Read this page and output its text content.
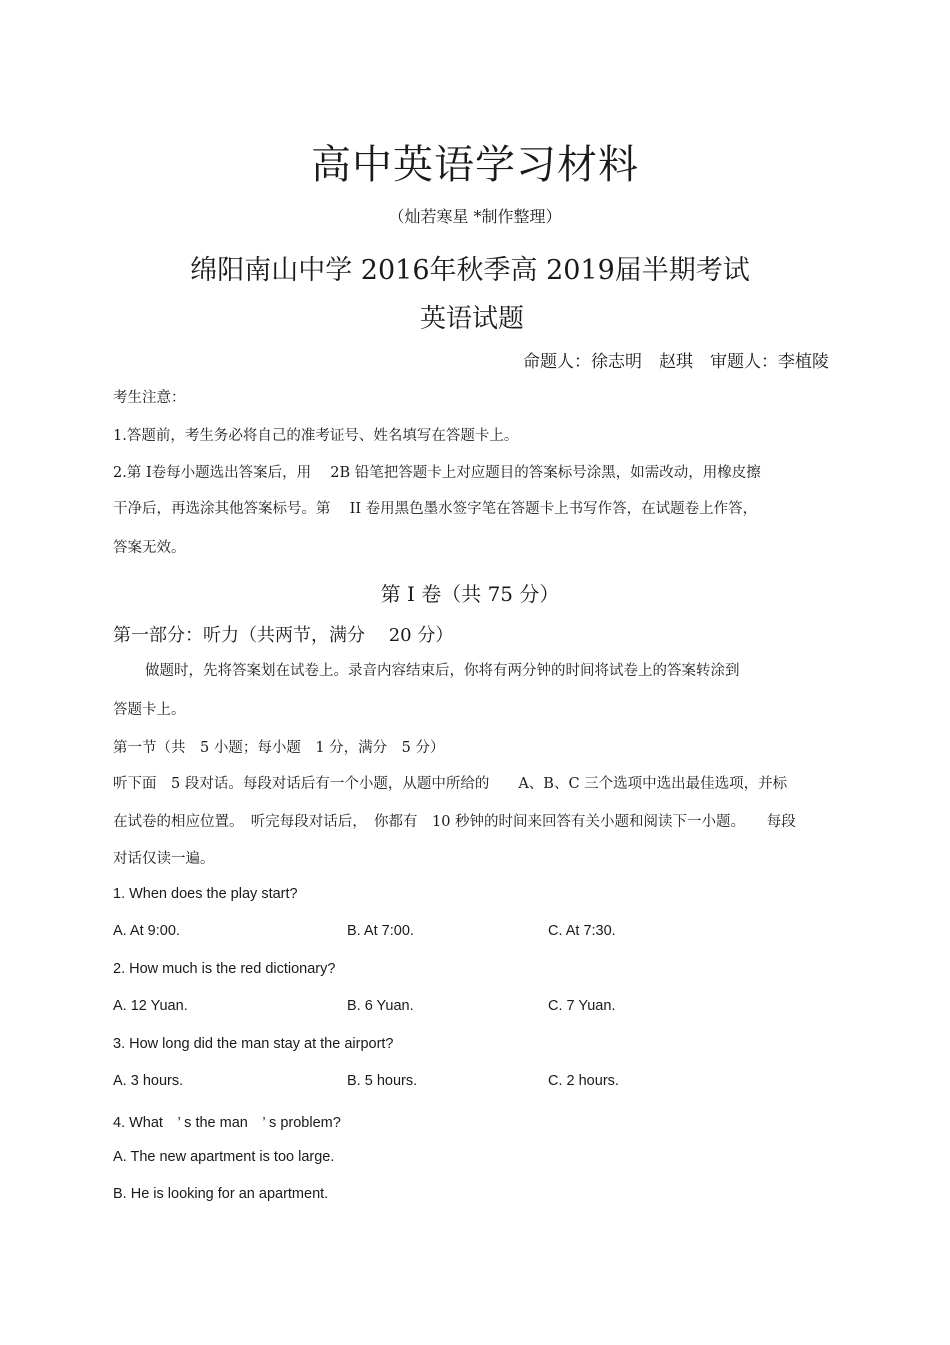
高中英语学习材料
（灿若寒星 *制作整理）
绵阳南山中学 2016年秋季高 2019届半期考试
英语试题
命题人：徐志明　赵琪　审题人：李植陵
考生注意：
1.答题前，考生务必将自己的准考证号、姓名填写在答题卡上。
2.第 I卷每小题选出答案后，用　 2B 铅笔把答题卡上对应题目的答案标号涂黑，如需改动，用橡皮擦
干净后，再选涂其他答案标号。第　 II 卷用黑色墨水签字笔在答题卡上书写作答，在试题卷上作答，
答案无效。
第 I 卷（共 75 分）
第一部分：听力（共两节，满分　 20 分）
做题时，先将答案划在试卷上。录音内容结束后，你将有两分钟的时间将试卷上的答案转涂到
答题卡上。
第一节（共　5 小题；每小题　1 分，满分　5 分）
听下面　5 段对话。每段对话后有一个小题，从题中所给的　　A、B、C 三个选项中选出最佳选项，并标
在试卷的相应位置。　听完每段对话后，　你都有　10 秒钟的时间来回答有关小题和阅读下一小题。　　每段
对话仅读一遍。
1. When does the play start?
A. At 9:00.	B. At 7:00.	C. At 7:30.
2. How much is the red dictionary?
A. 12 Yuan.	B. 6 Yuan.	C. 7 Yuan.
3. How long did the man stay at the airport?
A. 3 hours.	B. 5 hours.	C. 2 hours.
4. What　’ s the man　’ s problem?
A. The new apartment is too large.
B. He is looking for an apartment.
